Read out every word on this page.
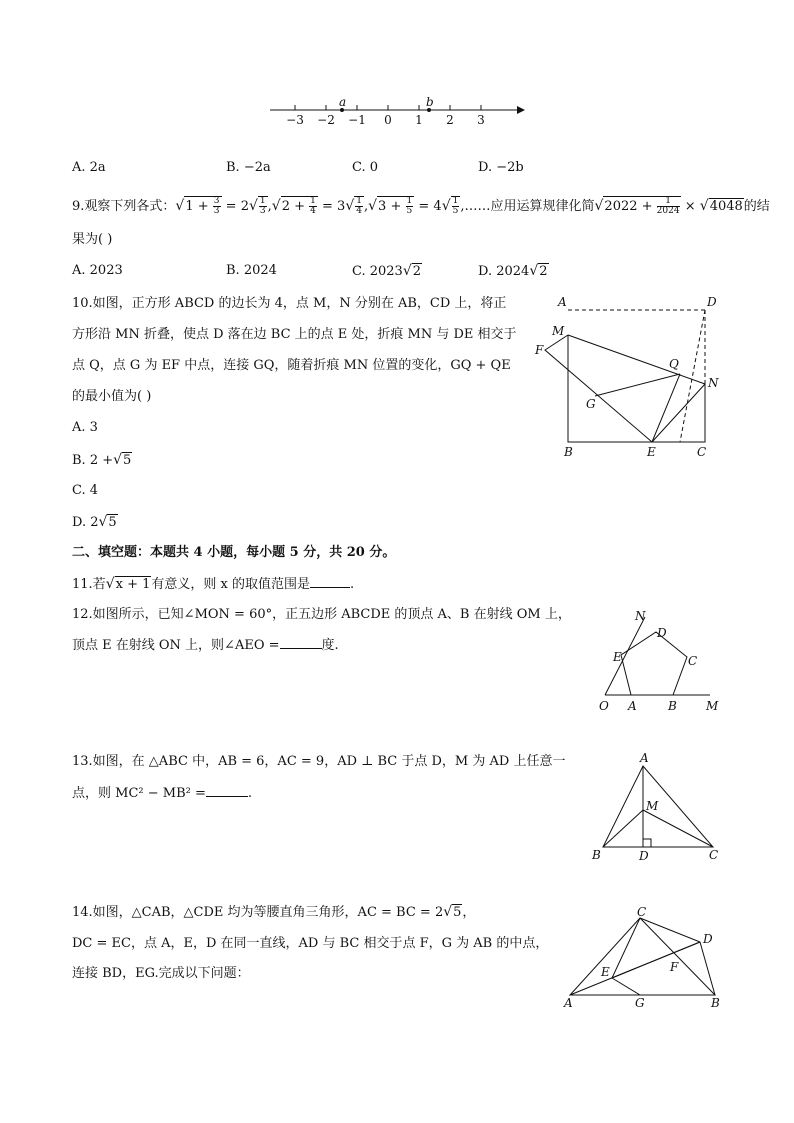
−3 −2 −1 0 1 2 3
a	b
A. 2a	B. −2a	C. 0	D. −2b
9.观察下列各式：$√1 + \frac{3}{3} = 2√ \frac{1}{3} ,√2 + \frac{1}{4} = 3√ \frac{1}{4} ,√3 + \frac{1}{5} = 4√ \frac{1}{5}$ ,……应用运算规律化简$√2022 + \frac{1}{2024} \times √4048$的结
果为( )
A. 2023	B. 2024	C. 2023√2	D. 2024√2
10.如图，正方形 ABCD 的边长为 4，点 M，N 分别在 AB，CD 上，将正
方形沿 MN 折叠，使点 D 落在边 BC 上的点 E 处，折痕 MN 与 DE 相交于
点 Q，点 G 为 EF 中点，连接 GQ，随着折痕 MN 位置的变化，GQ + QE
的最小值为( )
A. 3
B. 2 +√5
C. 4
D. 2√5
A	D
M
F
Q
N
G
B	E	C
二、填空题：本题共 4 小题，每小题 5 分，共 20 分。
11.若√x + 1有意义，则 x 的取值范围是	.
12.如图所示，已知∠MON = 60°，正五边形 ABCDE 的顶点 A、B 在射线 OM 上，
顶点 E 在射线 ON 上，则∠AEO =	度.
N
D
E	C
O A	B M
13.如图，在 △ABC 中，AB = 6，AC = 9，AD ⊥ BC 于点 D，M 为 AD 上任意一
点，则 MC² − MB² =	.
A
M
B	D	C
14.如图，△CAB，△CDE 均为等腰直角三角形，AC = BC = 2√5，
DC = EC，点 A，E，D 在同一直线，AD 与 BC 相交于点 F，G 为 AB 的中点，
连接 BD，EG.完成以下问题：
C
D
E	F
A	G	B
